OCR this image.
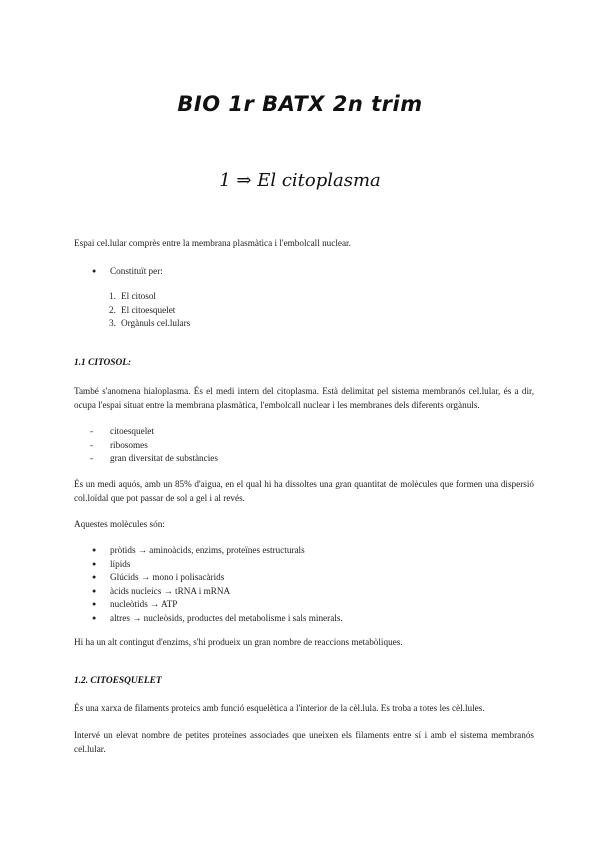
BIO 1r BATX 2n trim
1 ⇒ El citoplasma
Espai cel.lular comprès entre la membrana plasmàtica i l'embolcall nuclear.
● Constituït per:
1. El citosol
2. El citoesquelet
3. Orgànuls cel.lulars
1.1 CITOSOL:
També s'anomena hialoplasma. És el medi intern del citoplasma. Està delimitat pel sistema membranós cel.lular, és a dir, ocupa l'espai situat entre la membrana plasmàtica, l'embolcall nuclear i les membranes dels diferents orgànuls.
- citoesquelet
- ribosomes
- gran diversitat de substàncies
És un medi aquós, amb un 85% d'aigua, en el qual hi ha dissoltes una gran quantitat de molècules que formen una dispersió col.loïdal que pot passar de sol a gel i al revés.
Aquestes molècules són:
● pròtids → aminoàcids, enzims, proteïnes estructurals
● lípids
● Glúcids → mono i polisacàrids
● àcids nucleics → tRNA i mRNA
● nucleòtids → ATP
● altres → nucleòsids, productes del metabolisme i sals minerals.
Hi ha un alt contingut d'enzims, s'hi produeix un gran nombre de reaccions metabòliques.
1.2. CITOESQUELET
És una xarxa de filaments proteics amb funció esquelètica a l'interior de la cèl.lula. Es troba a totes les cèl.lules.
Intervé un elevat nombre de petites proteïnes associades que uneixen els filaments entre sí i amb el sistema membranós cel.lular.
